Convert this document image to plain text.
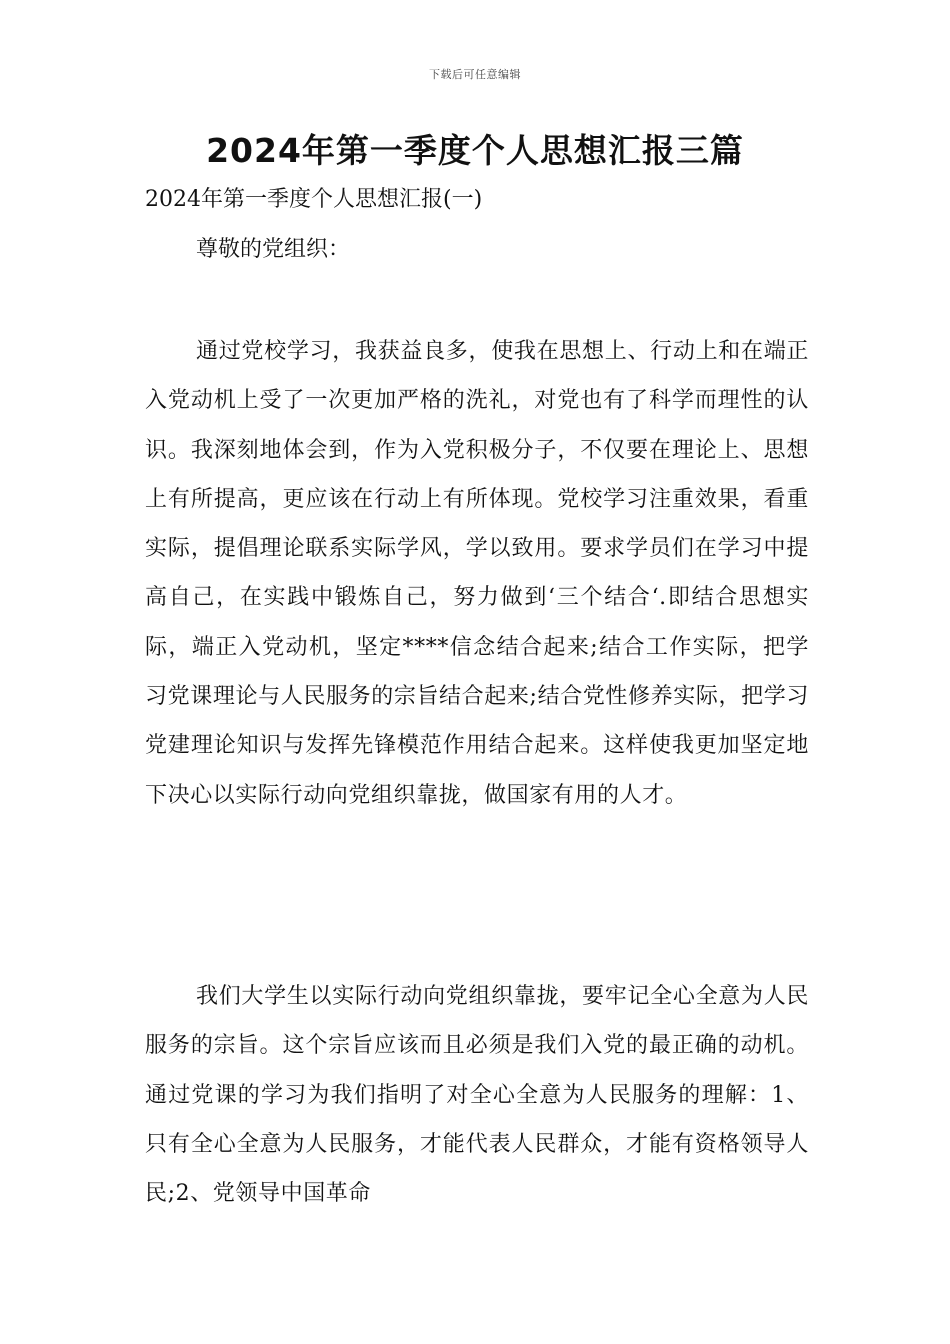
下载后可任意编辑
2024年第一季度个人思想汇报三篇

2024年第一季度个人思想汇报(一)

尊敬的党组织：

通过党校学习，我获益良多，使我在思想上、行动上和在端正入党动机上受了一次更加严格的洗礼，对党也有了科学而理性的认识。我深刻地体会到，作为入党积极分子，不仅要在理论上、思想上有所提高，更应该在行动上有所体现。党校学习注重效果，看重实际，提倡理论联系实际学风，学以致用。要求学员们在学习中提高自己，在实践中锻炼自己，努力做到‘三个结合‘.即结合思想实际，端正入党动机，坚定****信念结合起来;结合工作实际，把学习党课理论与人民服务的宗旨结合起来;结合党性修养实际，把学习党建理论知识与发挥先锋模范作用结合起来。这样使我更加坚定地下决心以实际行动向党组织靠拢，做国家有用的人才。

我们大学生以实际行动向党组织靠拢，要牢记全心全意为人民服务的宗旨。这个宗旨应该而且必须是我们入党的最正确的动机。通过党课的学习为我们指明了对全心全意为人民服务的理解：1、只有全心全意为人民服务，才能代表人民群众，才能有资格领导人民;2、党领导中国革命
